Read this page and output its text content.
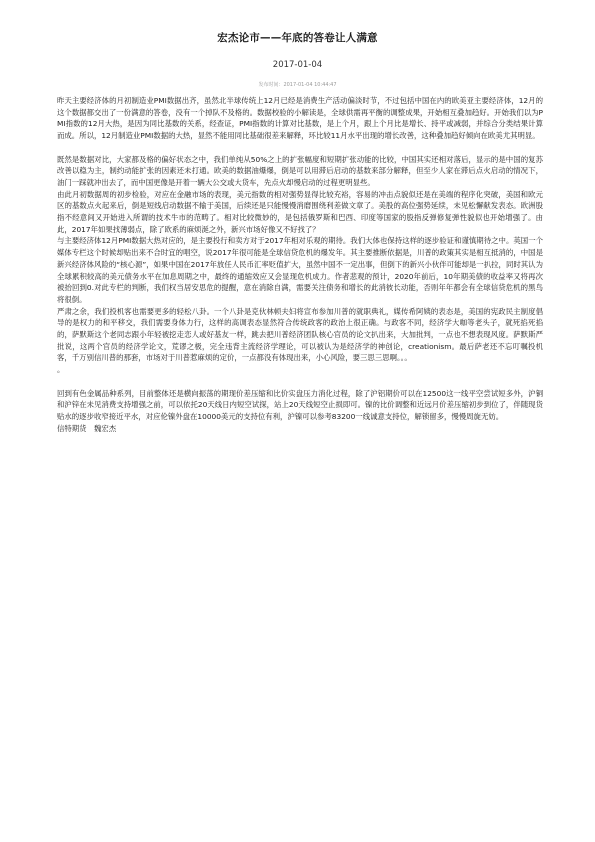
宏杰论市——年底的答卷让人满意
2017-01-04
发布时间：2017-01-04 10:44:47

昨天主要经济体的月初制造业PMI数据出齐，虽然北半球传统上12月已经是消费生产活动偏淡时节，不过包括中国在内的欧美亚主要经济体，12月的这个数据都交出了一份满意的答卷，没有一个掉队不及格的。数据校验的小解读是，全球供需再平衡的调整成果，开始相互叠加趋好。开始我们以为PMI指数的12月大热，是因为同比基数的关系，经查证，PMI指数的计算对比基数，是上个月，跟上个月比是增长、持平或减弱，并综合分类结果计算而成。所以，12月制造业PMI数据的大热，显然不能用同比基础很差来解释，环比较11月水平出现的增长改善，这种叠加趋好倾向在欧美尤其明显。

既然是数据对比，大家都及格的偏好状态之中，我们单纯从50%之上的扩张幅度和短期扩张动能的比较，中国其实还相对落后，显示的是中国的复苏改善以稳为主，制约动能扩张的因素还未打通。欧美的数据油爆爆，倒是可以用滞后启动的基数来部分解释，但至少人家在滞后点火启动的情况下，油门一踩就冲出去了，而中国更像是开着一辆大公交或大货车，先点火却慢启动的过程更明显些。

由此月初数据周的初步检验，对应在金融市场的表现，美元指数的相对强势显得比较充裕，容易的冲击点貌似还是在美端的程序化突破，美国和欧元区的基数点火起来后，倒是短线启动数据不输于美国，后续还是只能慢慢消磨围绕利差做文章了。美股的高位强势延续，未见松懈献发表态。欧洲股指不经意间又开始进入所谓的技术牛市的范畴了。相对比较微妙的，是包括俄罗斯和巴西、印度等国家的股指反弹修复弹性貌似也开始增强了。由此，2017年如果找薄弱点，除了欧系的麻烦涎之外，新兴市场好像又不好找了？

与主要经济体12月PMI数据大热对应的，是主要投行和卖方对于2017年相对乐观的期待。我们大体也保持这样的逐步验证和谨慎期待之中。英国一个媒体专栏这个时候却贴出来不合时宜的唱空，说2017年很可能是全球信贷危机的爆发年。其主要推断依据是，川普的政策其实是相互抵消的，中国是新兴经济体风险的“核心源”，如果中国在2017年放任人民币汇率贬值扩大，虽然中国不一定出事，但倒下的新兴小伙伴可能却是一扒拉，同时其认为全球累积较高的美元债务水平在加息周期之中，最终的通缩效应又会显现危机成力。作者悲观的预计，2020年前后，10年期美债的收益率又将再次被抬回到0.对此专栏的判断，我们权当居安思危的提醒，意在消除自满，需要关注债务和增长的此消彼长动能，否则年年都会有全球信贷危机的黑鸟将很倒。

严肃之余，我们投机客也需要更多的轻松八卦。一个八卦是克伙林顿夫妇将宣布参加川普的就职典礼，媒传希阿姨的表态是，美国的宪政民主制度倡导的是权力的和平移交，我们需要身体力行，这样的高调表态显然符合传统政客的政治上很正确。与政客不同，经济学大咖等老头子，就死掐死掐的，萨默斯这个老同志跟小年轻被挖走恋人或好基友一样，跳去把川普经济团队核心官员的论文扒出来，大加批判，一点也不想表现风度。萨默斯严批说，这两个官员的经济学论文，荒谬之极，完全违背主流经济学理论，可以被认为是经济学的神创论，creationism。最后萨老还不忘叮嘱投机客，千万别信川普的那套，市场对于川普惹麻烦的定价，一点都没有体现出来，小心风险，要三思三思啊。。。

。

回到有色金属品种系列，目前整体还是横向振荡的期现价差压缩和比价实盘压力消化过程，除了沪铝期价可以在12500这一线平空尝试短多外，沪铜和沪锌在未见消费支持增强之前，可以依托20天线日内短空试探，站上20天线短空止损即可。镍的比价调整和近远月价差压缩初步到位了，伴随现货贴水的逐步收窄接近平水，对应伦镍外盘在10000美元的支持位有利，沪镍可以参考83200一线诚意支持位，解锁留多，慢慢周旋无妨。

信特期货　魏宏杰
